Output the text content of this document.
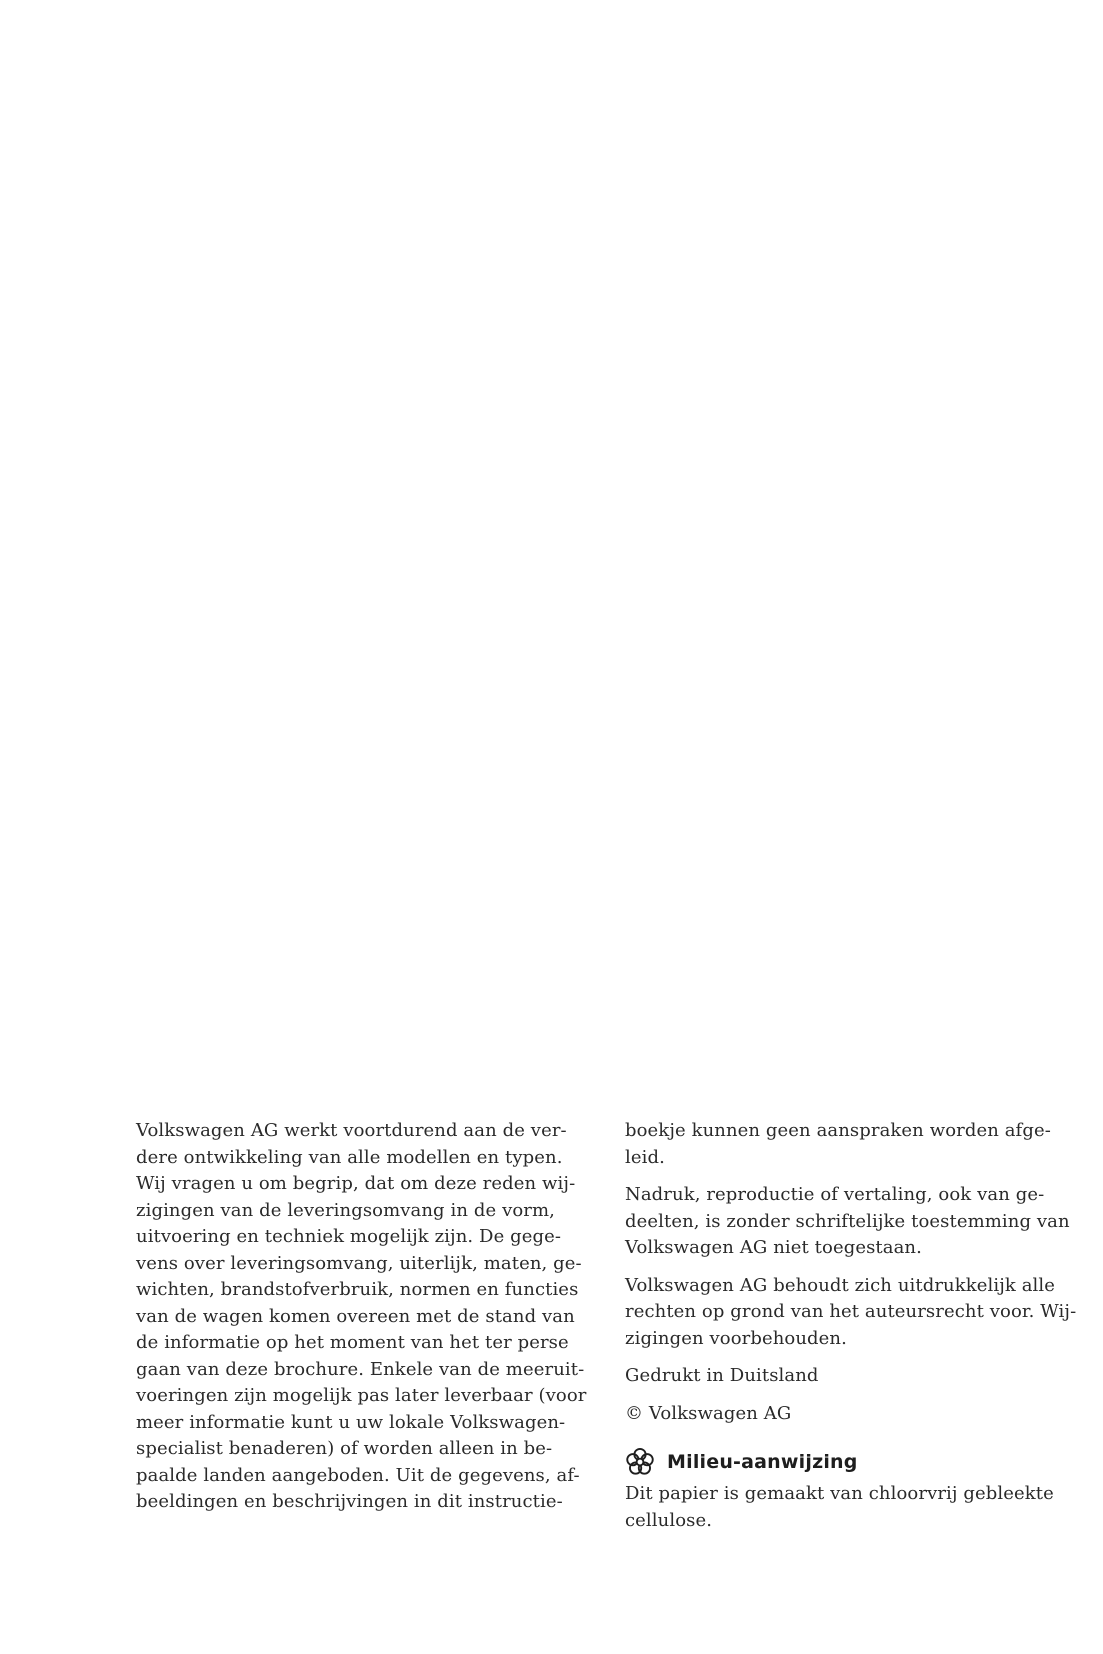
Volkswagen AG werkt voortdurend aan de ver-
dere ontwikkeling van alle modellen en typen.
Wij vragen u om begrip, dat om deze reden wij-
zigingen van de leveringsomvang in de vorm,
uitvoering en techniek mogelijk zijn. De gege-
vens over leveringsomvang, uiterlijk, maten, ge-
wichten, brandstofverbruik, normen en functies
van de wagen komen overeen met de stand van
de informatie op het moment van het ter perse
gaan van deze brochure. Enkele van de meeruit-
voeringen zijn mogelijk pas later leverbaar (voor
meer informatie kunt u uw lokale Volkswagen-
specialist benaderen) of worden alleen in be-
paalde landen aangeboden. Uit de gegevens, af-
beeldingen en beschrijvingen in dit instructie-
boekje kunnen geen aanspraken worden afge-
leid.
Nadruk, reproductie of vertaling, ook van ge-
deelten, is zonder schriftelijke toestemming van
Volkswagen AG niet toegestaan.
Volkswagen AG behoudt zich uitdrukkelijk alle
rechten op grond van het auteursrecht voor. Wij-
zigingen voorbehouden.
Gedrukt in Duitsland
© Volkswagen AG
Milieu-aanwijzing
Dit papier is gemaakt van chloorvrij gebleekte
cellulose.
